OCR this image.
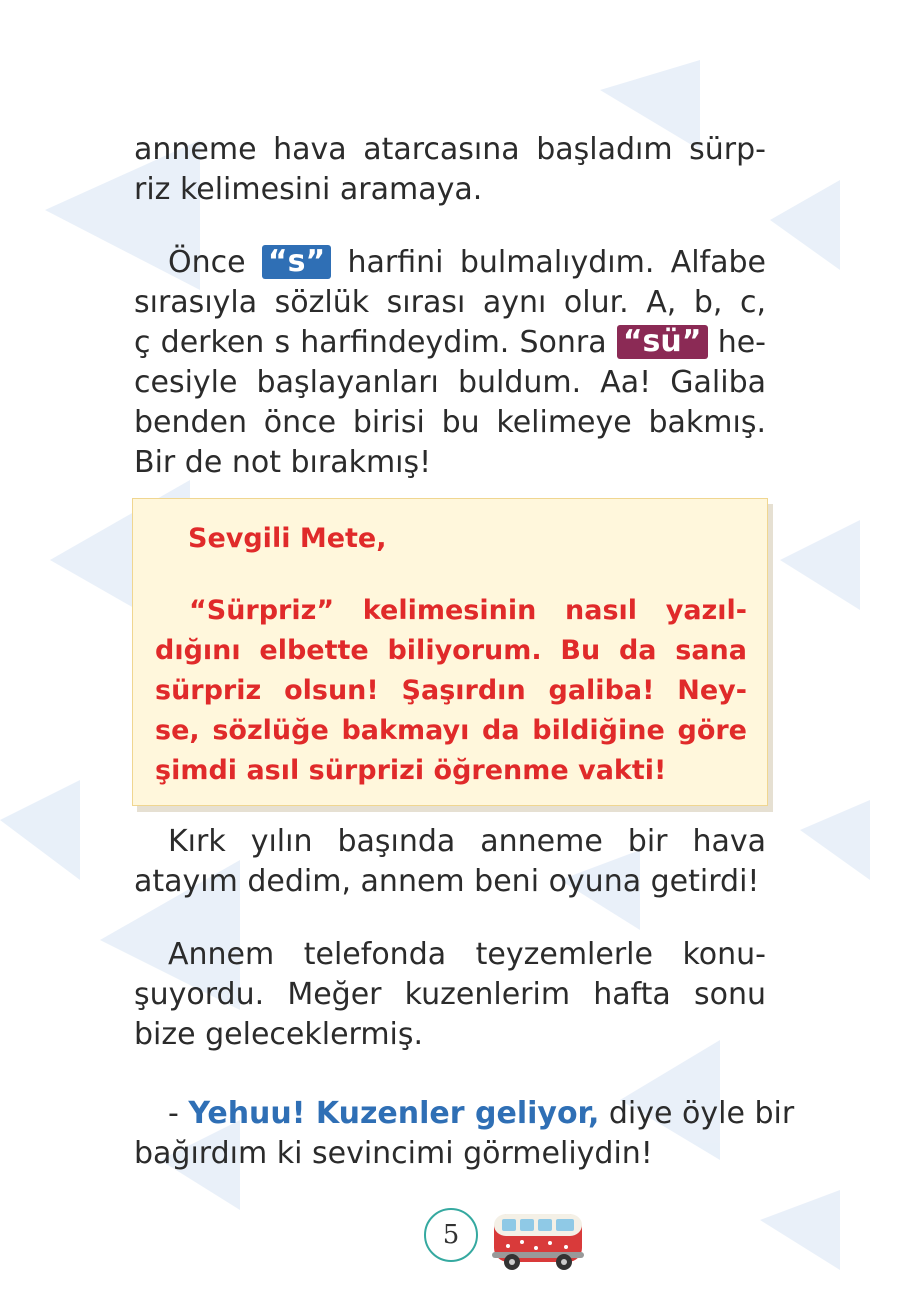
anneme hava atarcasına başladım sürp-
riz kelimesini aramaya.
Önce “s” harfini bulmalıydım. Alfabe
sırasıyla sözlük sırası aynı olur. A, b, c,
ç derken s harfindeydim. Sonra “sü” he-
cesiyle başlayanları buldum. Aa! Galiba
benden önce birisi bu kelimeye bakmış.
Bir de not bırakmış!
Sevgili Mete,
“Sürpriz” kelimesinin nasıl yazıl-
dığını elbette biliyorum. Bu da sana
sürpriz olsun! Şaşırdın galiba! Ney-
se, sözlüğe bakmayı da bildiğine göre
şimdi asıl sürprizi öğrenme vakti!
Kırk yılın başında anneme bir hava
atayım dedim, annem beni oyuna getirdi!
Annem telefonda teyzemlerle konu-
şuyordu. Meğer kuzenlerim hafta sonu
bize geleceklermiş.
- Yehuu! Kuzenler geliyor, diye öyle bir
bağırdım ki sevincimi görmeliydin!
5
